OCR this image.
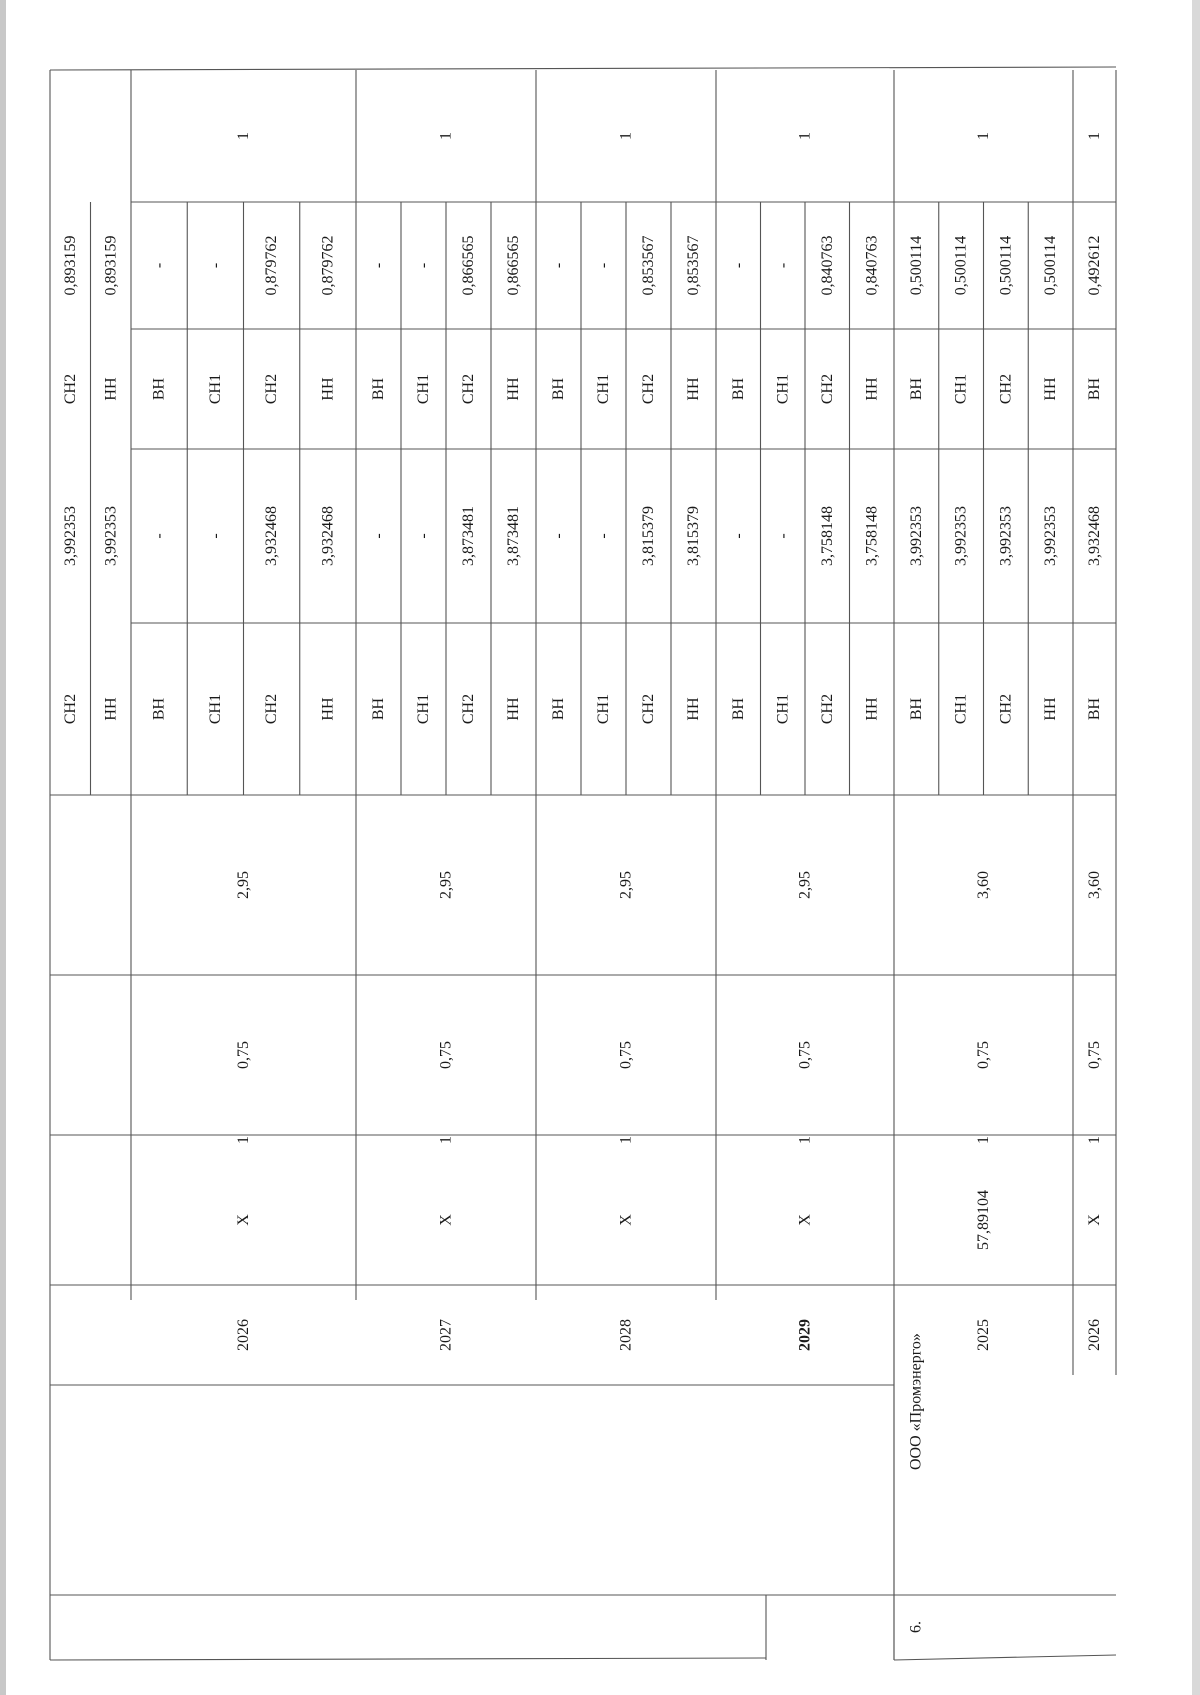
0,893159
СН2
3,992353
СН2
0,893159
НН
3,992353
НН
1
-
ВН
-
ВН
-
СН1
-
СН1
0,879762
СН2
3,932468
СН2
0,879762
НН
3,932468
НН
2,95
0,75
1
X
2026
1
-
ВН
-
ВН
-
СН1
-
СН1
0,866565
СН2
3,873481
СН2
0,866565
НН
3,873481
НН
2,95
0,75
1
X
2027
1
-
ВН
-
ВН
-
СН1
-
СН1
0,853567
СН2
3,815379
СН2
0,853567
НН
3,815379
НН
2,95
0,75
1
X
2028
1
-
ВН
-
ВН
-
СН1
-
СН1
0,840763
СН2
3,758148
СН2
0,840763
НН
3,758148
НН
2,95
0,75
1
X
2029
1
0,500114
ВН
3,992353
ВН
0,500114
СН1
3,992353
СН1
0,500114
СН2
3,992353
СН2
0,500114
НН
3,992353
НН
3,60
0,75
1
57,89104
2025
1
0,492612
ВН
3,932468
ВН
3,60
0,75
1
X
2026
ООО «Промэнерго»
6.
